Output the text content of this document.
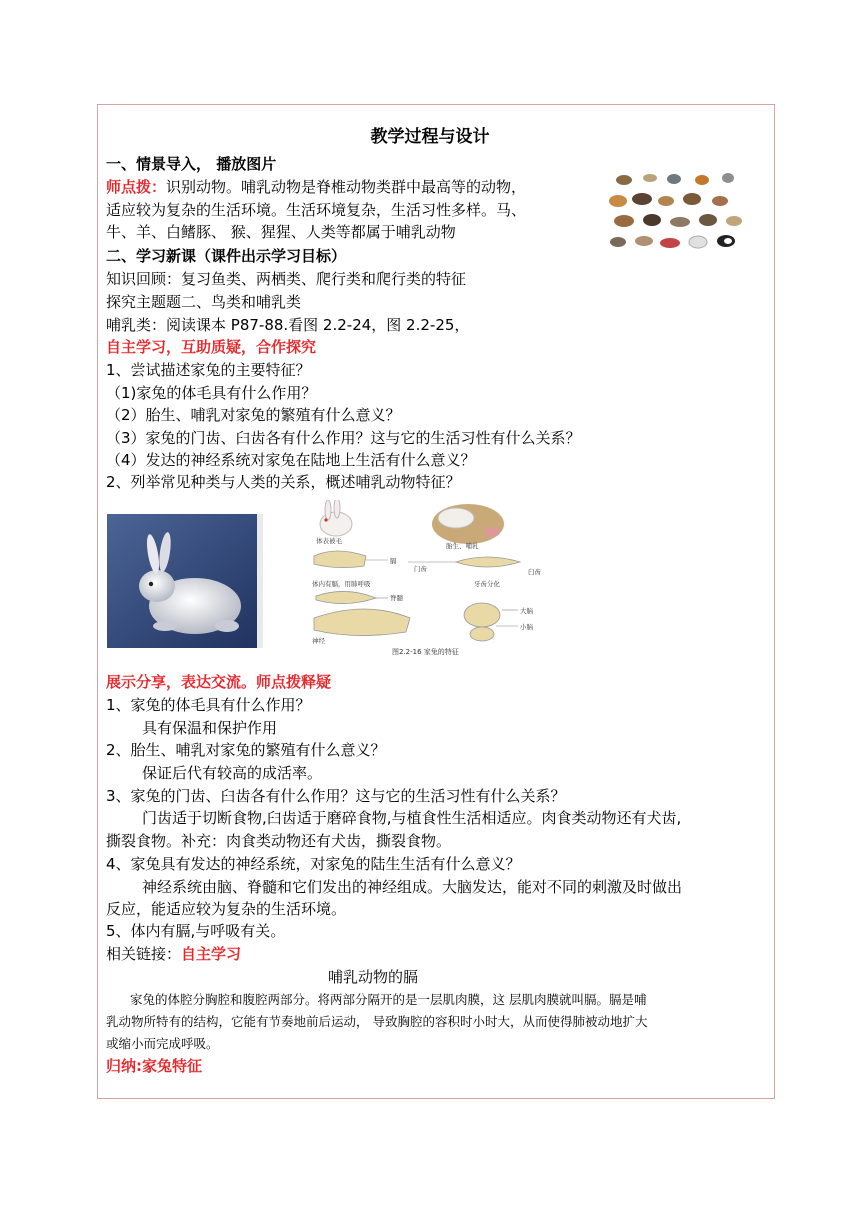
教学过程与设计
一、情景导入， 播放图片
师点拨：识别动物。哺乳动物是脊椎动物类群中最高等的动物，
适应较为复杂的生活环境。生活环境复杂，生活习性多样。马、
牛、羊、白鳍豚、 猴、猩猩、人类等都属于哺乳动物
二、学习新课（课件出示学习目标）
知识回顾：复习鱼类、两栖类、爬行类和爬行类的特征
探究主题题二、鸟类和哺乳类
哺乳类：阅读课本 P87-88.看图 2.2-24，图 2.2-25，
自主学习，互助质疑，合作探究
1、尝试描述家兔的主要特征？
（1)家兔的体毛具有什么作用？
（2）胎生、哺乳对家兔的繁殖有什么意义？
（3）家兔的门齿、臼齿各有什么作用？这与它的生活习性有什么关系？
（4）发达的神经系统对家兔在陆地上生活有什么意义？
2、列举常见种类与人类的关系，概述哺乳动物特征？
体表被毛
胎生、哺乳
门齿	臼齿
牙齿分化
膈
体内有膈，用肺呼吸
脊髓
神经
大脑
小脑
图2.2-16 家兔的特征
展示分享，表达交流。师点拨释疑
1、家兔的体毛具有什么作用？
具有保温和保护作用
2、胎生、哺乳对家兔的繁殖有什么意义？
保证后代有较高的成活率。
3、家兔的门齿、臼齿各有什么作用？这与它的生活习性有什么关系？
门齿适于切断食物,臼齿适于磨碎食物,与植食性生活相适应。肉食类动物还有犬齿,
撕裂食物。补充：肉食类动物还有犬齿，撕裂食物。
4、家兔具有发达的神经系统，对家兔的陆生生活有什么意义？
神经系统由脑、脊髓和它们发出的神经组成。大脑发达，能对不同的刺激及时做出
反应，能适应较为复杂的生活环境。
5、体内有膈,与呼吸有关。
相关链接：自主学习
哺乳动物的膈
家兔的体腔分胸腔和腹腔两部分。将两部分隔开的是一层肌肉膜，这 层肌肉膜就叫膈。膈是哺
乳动物所特有的结构，它能有节奏地前后运动， 导致胸腔的容积时小时大，从而使得肺被动地扩大
或缩小而完成呼吸。
归纳:家兔特征
